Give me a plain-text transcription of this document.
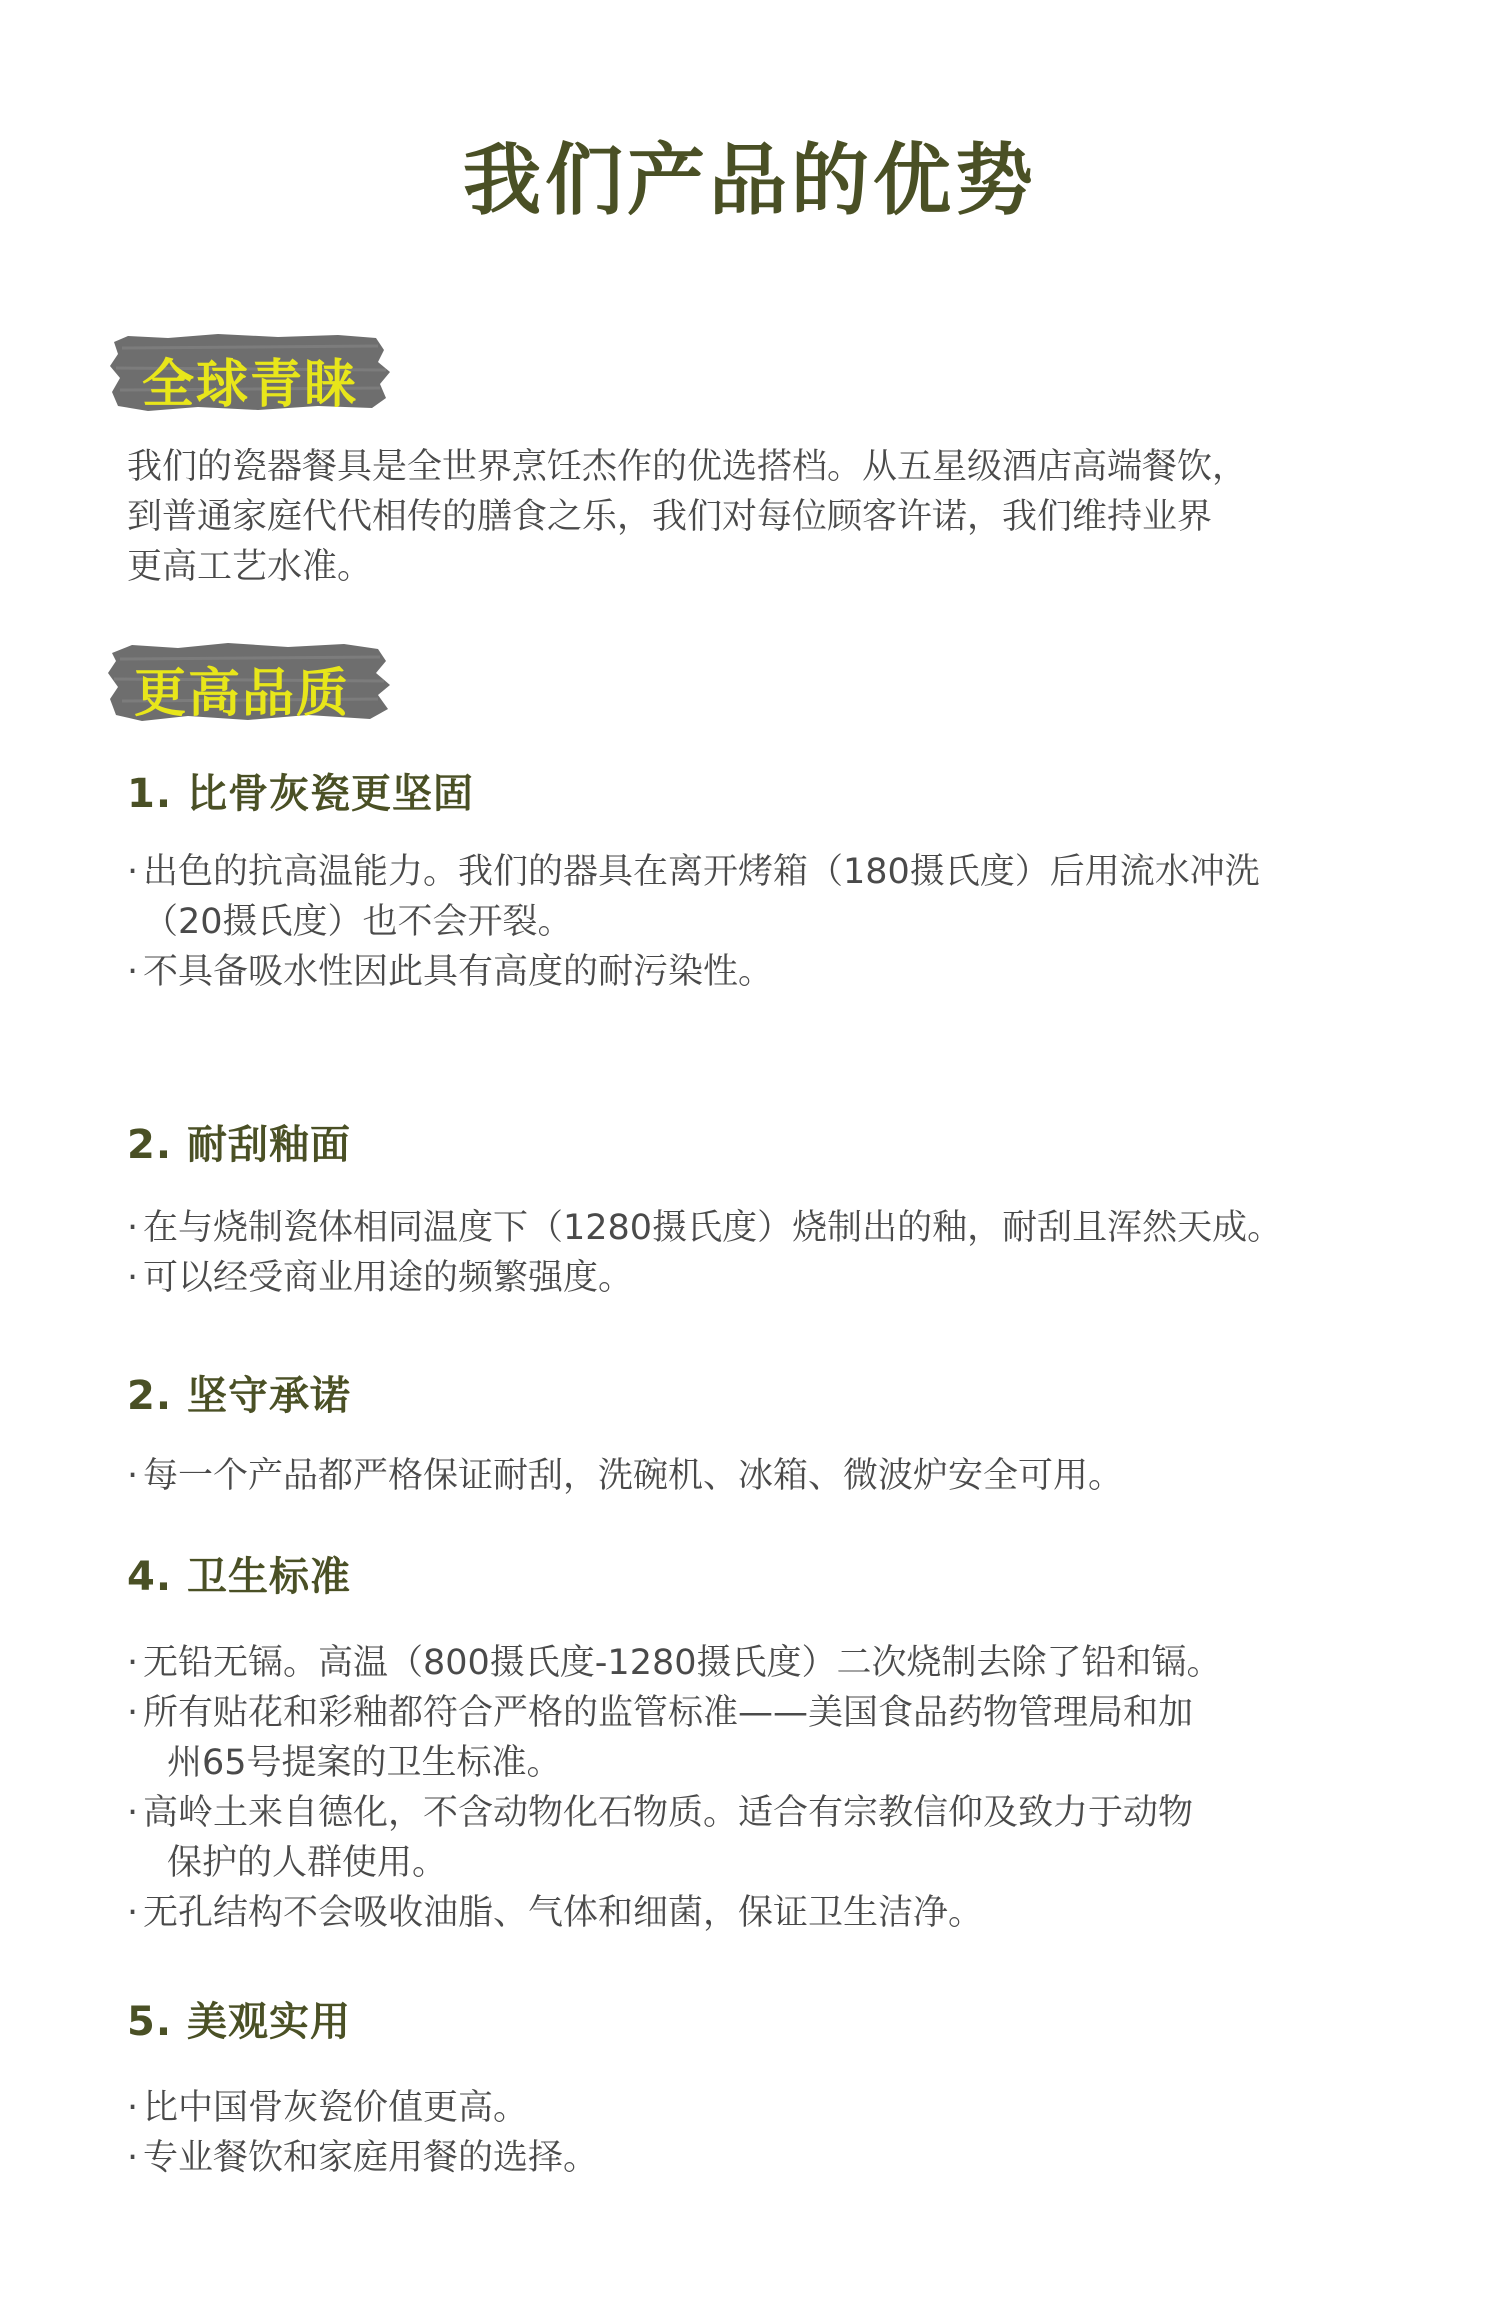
我们产品的优势
全球青睐

我们的瓷器餐具是全世界烹饪杰作的优选搭档。从五星级酒店高端餐饮，
到普通家庭代代相传的膳食之乐，我们对每位顾客许诺，我们维持业界
更高工艺水准。

更高品质
1. 比骨灰瓷更坚固
· 出色的抗高温能力。我们的器具在离开烤箱（180摄氏度）后用流水冲洗
（20摄氏度）也不会开裂。
· 不具备吸水性因此具有高度的耐污染性。
2. 耐刮釉面
· 在与烧制瓷体相同温度下（1280摄氏度）烧制出的釉，耐刮且浑然天成。
· 可以经受商业用途的频繁强度。
2. 坚守承诺
· 每一个产品都严格保证耐刮，洗碗机、冰箱、微波炉安全可用。
4. 卫生标准
· 无铅无镉。高温（800摄氏度-1280摄氏度）二次烧制去除了铅和镉。
· 所有贴花和彩釉都符合严格的监管标准——美国食品药物管理局和加
州65号提案的卫生标准。
· 高岭土来自德化，不含动物化石物质。适合有宗教信仰及致力于动物
保护的人群使用。
· 无孔结构不会吸收油脂、气体和细菌，保证卫生洁净。
5. 美观实用
· 比中国骨灰瓷价值更高。
· 专业餐饮和家庭用餐的选择。
